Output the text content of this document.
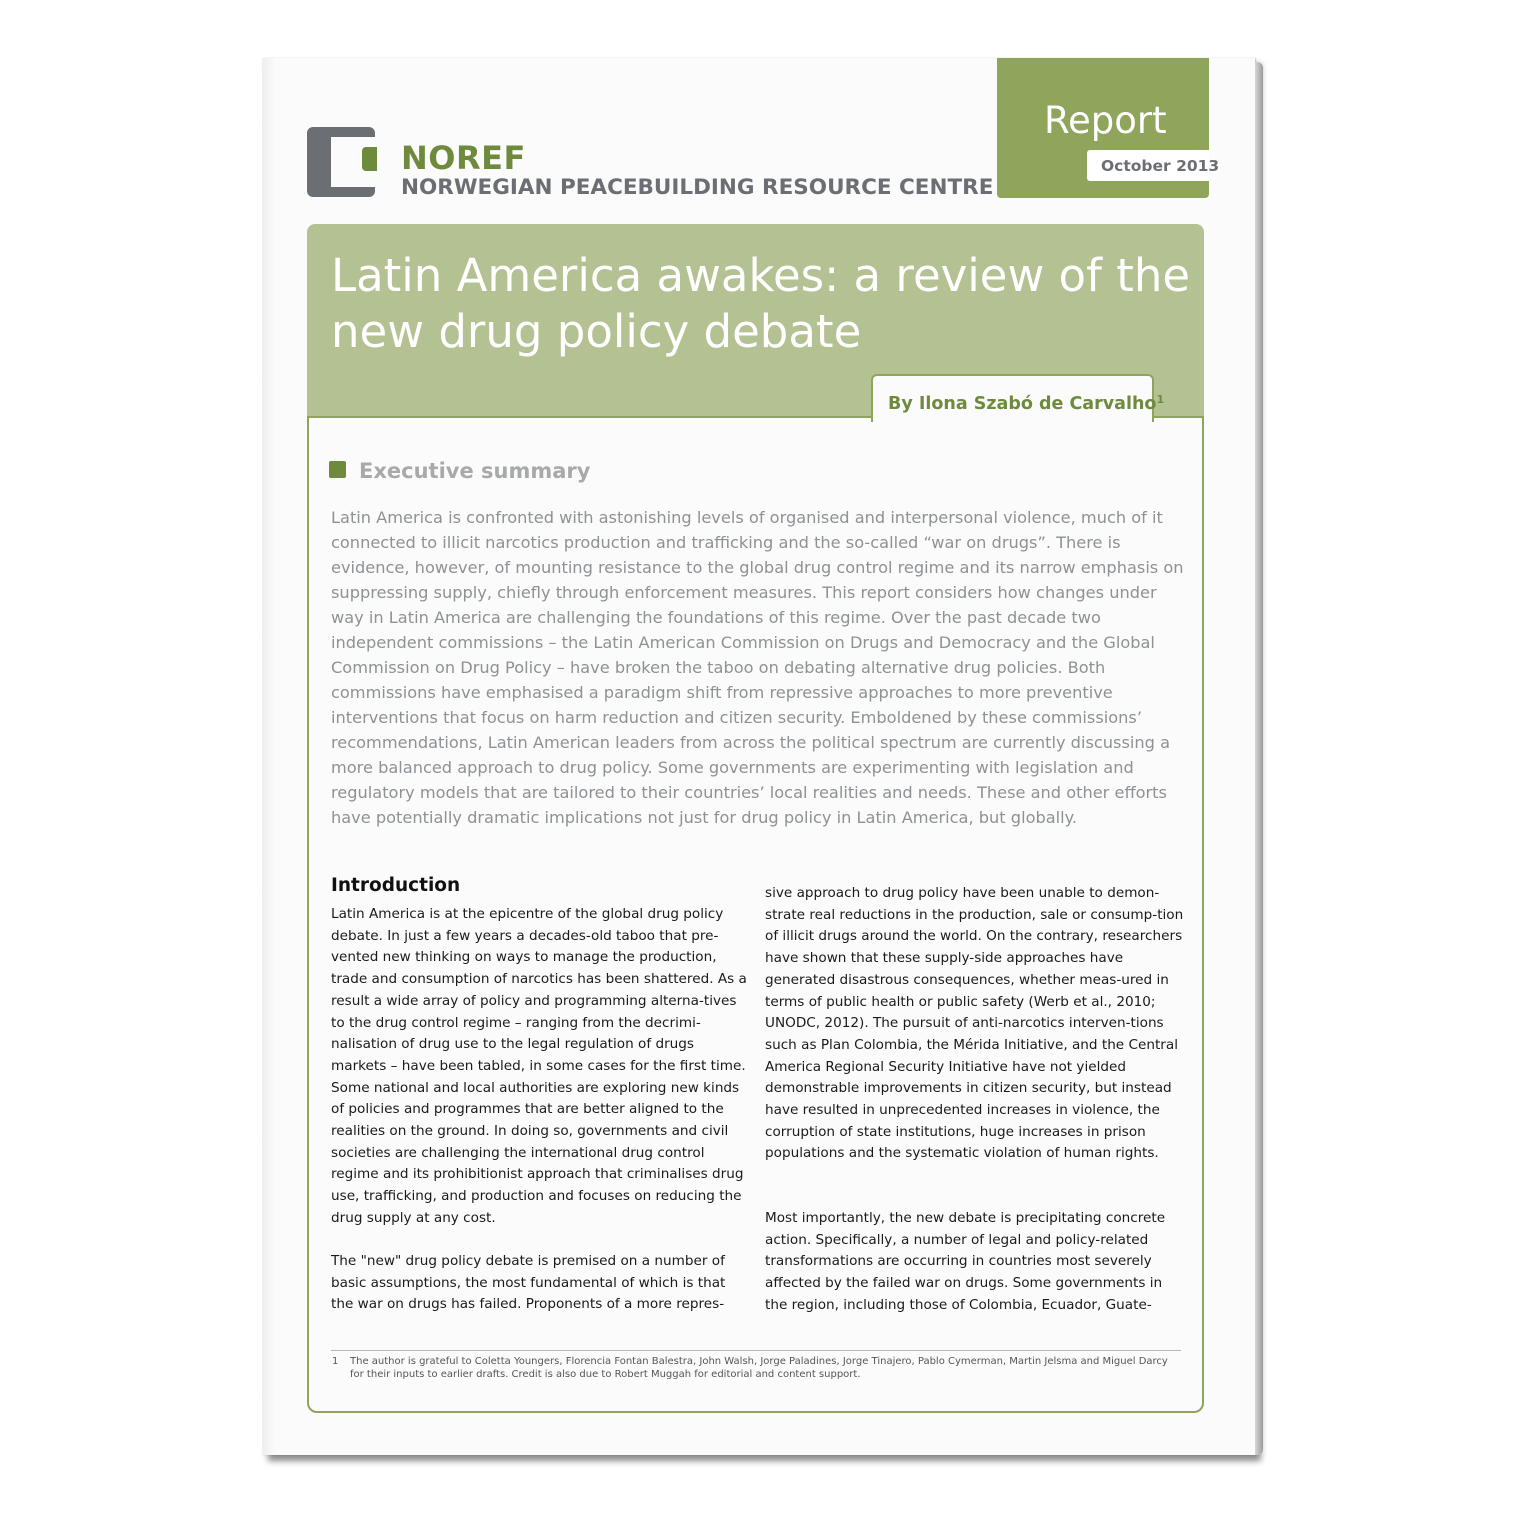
NOREF
NORWEGIAN PEACEBUILDING RESOURCE CENTRE
Report
October 2013
Latin America awakes: a review of the new drug policy debate
By Ilona Szabó de Carvalho$^1$
Executive summary

Latin America is confronted with astonishing levels of organised and interpersonal violence, much of it connected to illicit narcotics production and trafficking and the so-called “war on drugs”. There is evidence, however, of mounting resistance to the global drug control regime and its narrow emphasis on suppressing supply, chiefly through enforcement measures. This report considers how changes under way in Latin America are challenging the foundations of this regime. Over the past decade two independent commissions – the Latin American Commission on Drugs and Democracy and the Global Commission on Drug Policy – have broken the taboo on debating alternative drug policies. Both commissions have emphasised a paradigm shift from repressive approaches to more preventive interventions that focus on harm reduction and citizen security. Emboldened by these commissions’ recommendations, Latin American leaders from across the political spectrum are currently discussing a more balanced approach to drug policy. Some governments are experimenting with legislation and regulatory models that are tailored to their countries’ local realities and needs. These and other efforts have potentially dramatic implications not just for drug policy in Latin America, but globally.

Introduction

Latin America is at the epicentre of the global drug policy debate. In just a few years a decades-old taboo that pre-vented new thinking on ways to manage the production, trade and consumption of narcotics has been shattered. As a result a wide array of policy and programming alterna-tives to the drug control regime – ranging from the decrimi-nalisation of drug use to the legal regulation of drugs markets – have been tabled, in some cases for the first time. Some national and local authorities are exploring new kinds of policies and programmes that are better aligned to the realities on the ground. In doing so, governments and civil societies are challenging the international drug control regime and its prohibitionist approach that criminalises drug use, trafficking, and production and focuses on reducing the drug supply at any cost.

The "new" drug policy debate is premised on a number of basic assumptions, the most fundamental of which is that the war on drugs has failed. Proponents of a more repres-

sive approach to drug policy have been unable to demon-strate real reductions in the production, sale or consump-tion of illicit drugs around the world. On the contrary, researchers have shown that these supply-side approaches have generated disastrous consequences, whether meas-ured in terms of public health or public safety (Werb et al., 2010; UNODC, 2012). The pursuit of anti-narcotics interven-tions such as Plan Colombia, the Mérida Initiative, and the Central America Regional Security Initiative have not yielded demonstrable improvements in citizen security, but instead have resulted in unprecedented increases in violence, the corruption of state institutions, huge increases in prison populations and the systematic violation of human rights.

Most importantly, the new debate is precipitating concrete action. Specifically, a number of legal and policy-related transformations are occurring in countries most severely affected by the failed war on drugs. Some governments in the region, including those of Colombia, Ecuador, Guate-

1 The author is grateful to Coletta Youngers, Florencia Fontan Balestra, John Walsh, Jorge Paladines, Jorge Tinajero, Pablo Cymerman, Martin Jelsma and Miguel Darcy for their inputs to earlier drafts. Credit is also due to Robert Muggah for editorial and content support.
